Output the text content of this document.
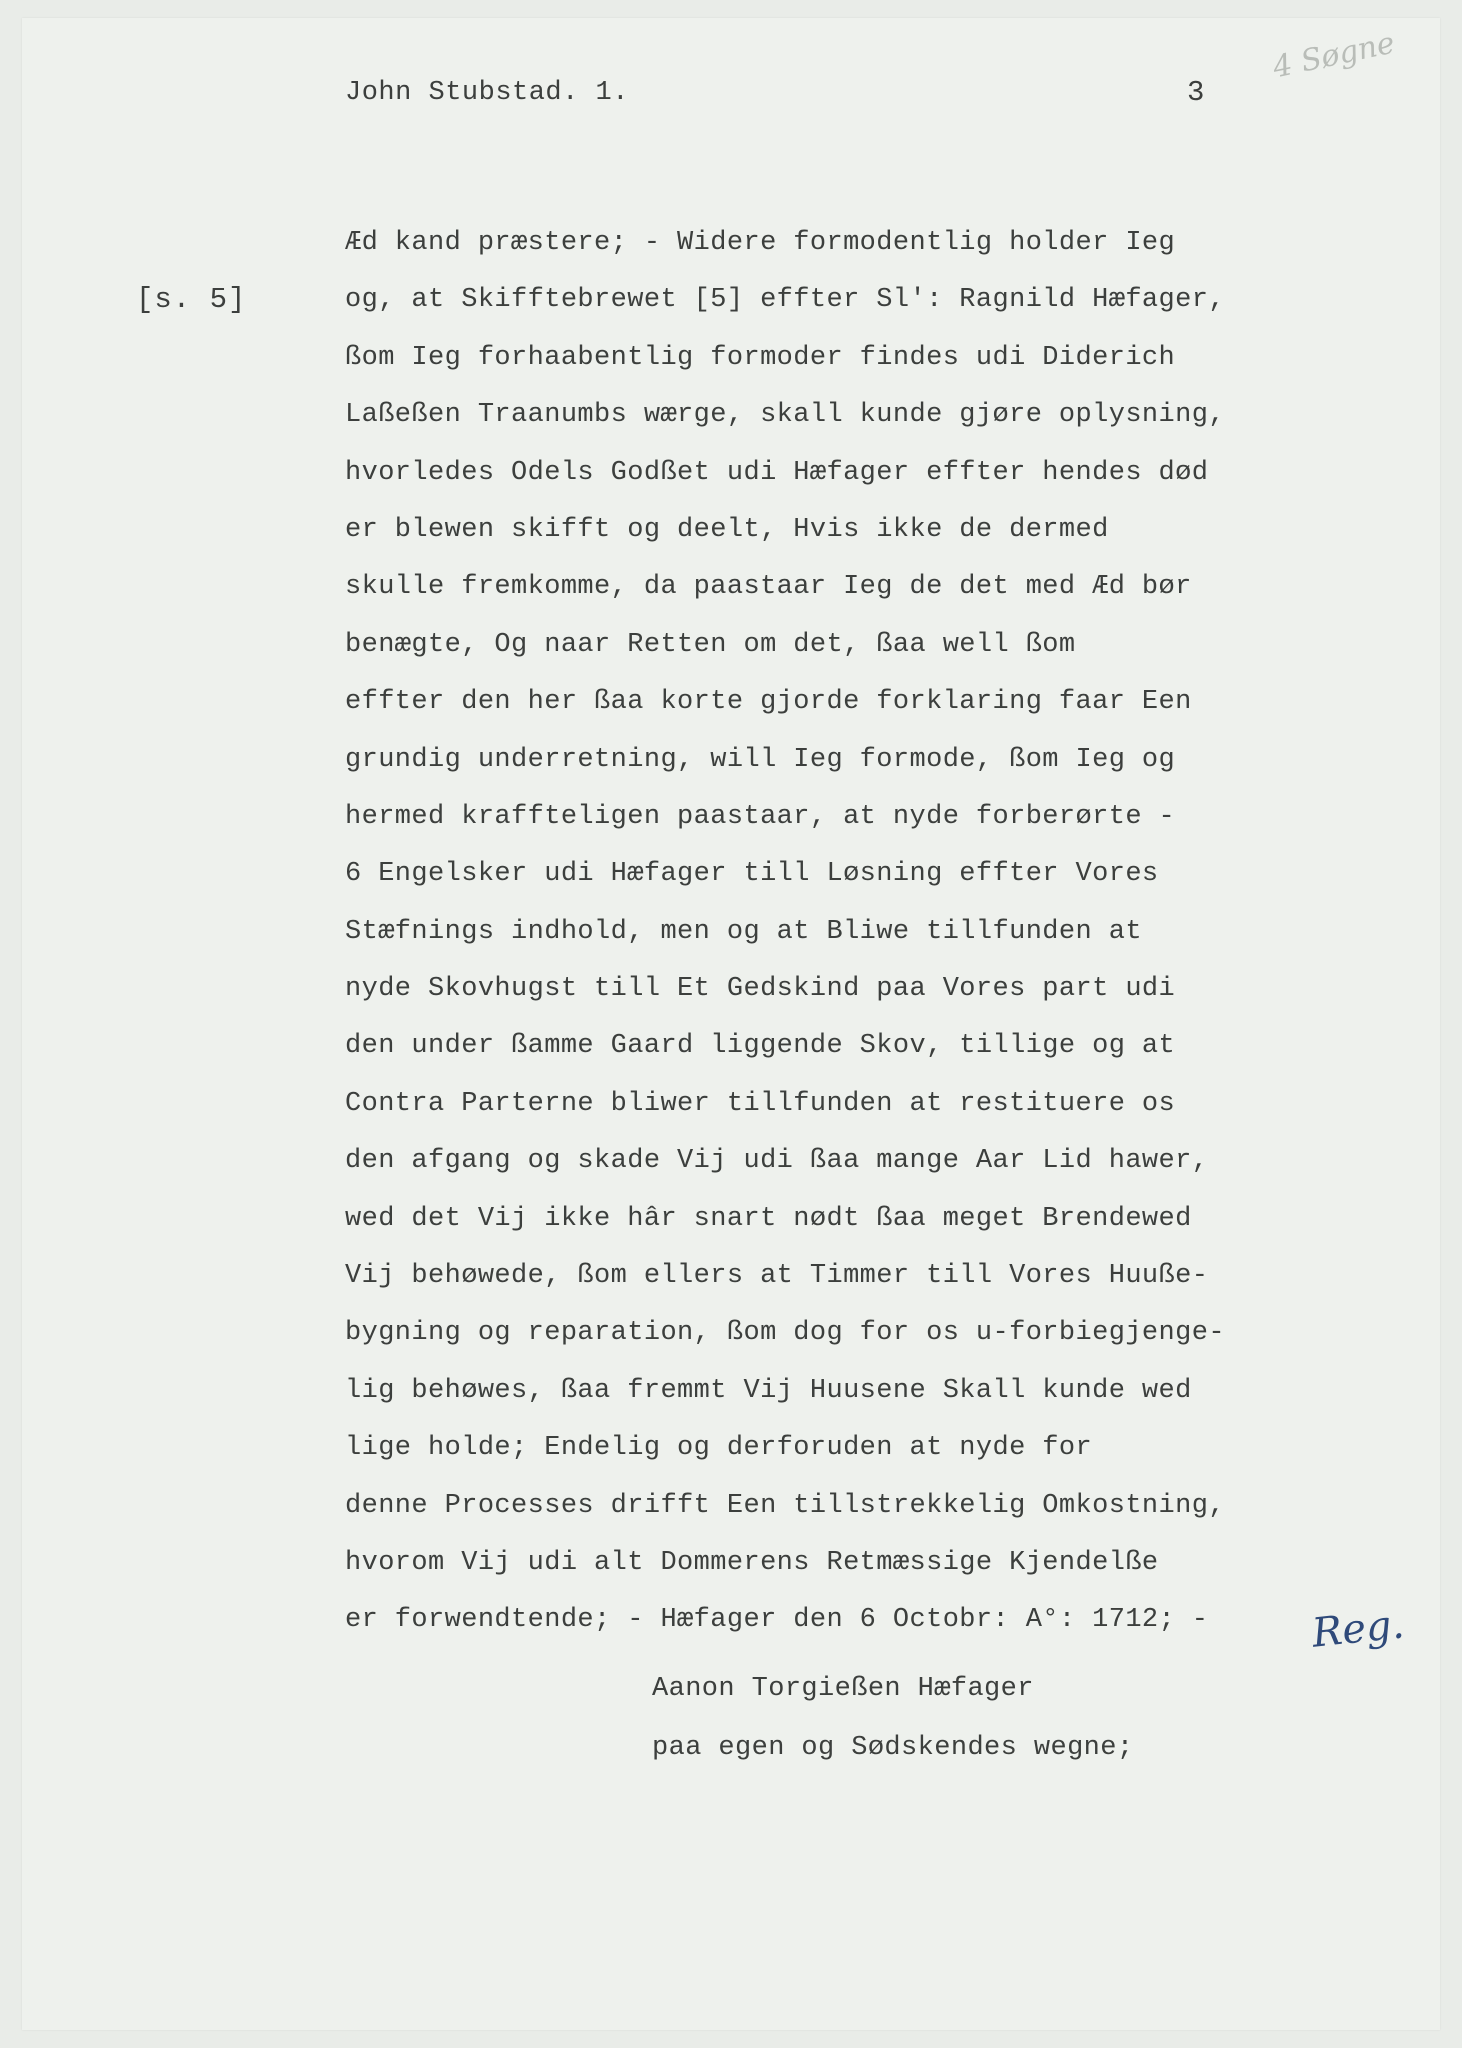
John Stubstad. 1.	3
4 Søgne
[s. 5]
Æd kand præstere; - Widere formodentlig holder Ieg
og, at Skifftebrewet [5] effter Sl': Ragnild Hæfager,
ßom Ieg forhaabentlig formoder findes udi Diderich
Laßeßen Traanumbs wærge, skall kunde gjøre oplysning,
hvorledes Odels Godßet udi Hæfager effter hendes død
er blewen skifft og deelt, Hvis ikke de dermed
skulle fremkomme, da paastaar Ieg de det med Æd bør
benægte, Og naar Retten om det, ßaa well ßom
effter den her ßaa korte gjorde forklaring faar Een
grundig underretning, will Ieg formode, ßom Ieg og
hermed kraffteligen paastaar, at nyde forberørte -
6 Engelsker udi Hæfager till Løsning effter Vores
Stæfnings indhold, men og at Bliwe tillfunden at
nyde Skovhugst till Et Gedskind paa Vores part udi
den under ßamme Gaard liggende Skov, tillige og at
Contra Parterne bliwer tillfunden at restituere os
den afgang og skade Vij udi ßaa mange Aar Lid hawer,
wed det Vij ikke hâr snart nødt ßaa meget Brendewed
Vij behøwede, ßom ellers at Timmer till Vores Huuße-
bygning og reparation, ßom dog for os u-forbiegjenge-
lig behøwes, ßaa fremmt Vij Huusene Skall kunde wed
lige holde; Endelig og derforuden at nyde for
denne Processes drifft Een tillstrekkelig Omkostning,
hvorom Vij udi alt Dommerens Retmæssige Kjendelße
er forwendtende; - Hæfager den 6 Octobr: A°: 1712; -
Aanon Torgießen Hæfager
paa egen og Sødskendes wegne;
Reg.
